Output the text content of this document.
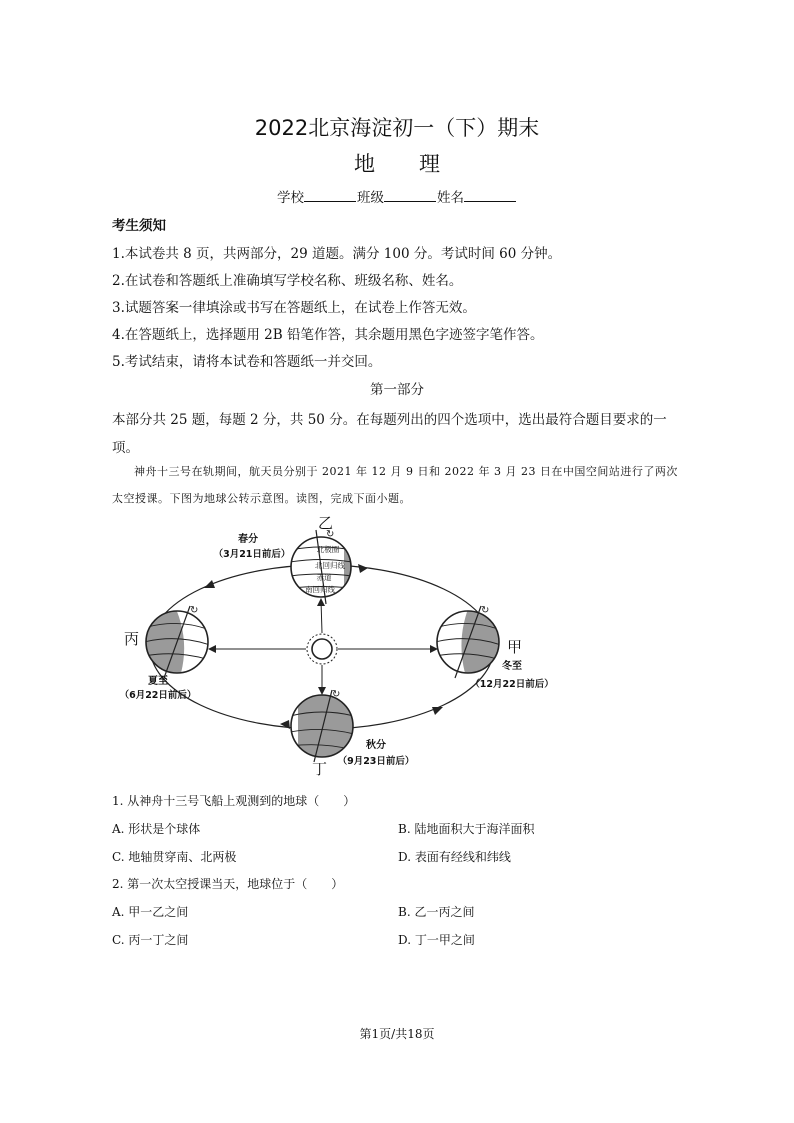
2022北京海淀初一（下）期末
地 理
学校	班级	姓名
考生须知
1.本试卷共 8 页，共两部分，29 道题。满分 100 分。考试时间 60 分钟。
2.在试卷和答题纸上准确填写学校名称、班级名称、姓名。
3.试题答案一律填涂或书写在答题纸上，在试卷上作答无效。
4.在答题纸上，选择题用 2B 铅笔作答，其余题用黑色字迹签字笔作答。
5.考试结束，请将本试卷和答题纸一并交回。
第一部分
本部分共 25 题，每题 2 分，共 50 分。在每题列出的四个选项中，选出最符合题目要求的一项。
神舟十三号在轨期间，航天员分别于 2021 年 12 月 9 日和 2022 年 3 月 23 日在中国空间站进行了两次太空授课。下图为地球公转示意图。读图，完成下面小题。
↻
北极圈
北回归线
赤道
南回归线
↻	↻
↻
乙
丙	甲
丁
春分
（3月21日前后）
夏至
（6月22日前后）
冬至
（12月22日前后）
秋分
（9月23日前后）
1. 从神舟十三号飞船上观测到的地球（　　）
A. 形状是个球体	B. 陆地面积大于海洋面积
C. 地轴贯穿南、北两极	D. 表面有经线和纬线
2. 第一次太空授课当天，地球位于（　　）
A. 甲一乙之间	B. 乙一丙之间
C. 丙一丁之间	D. 丁一甲之间
第1页/共18页
